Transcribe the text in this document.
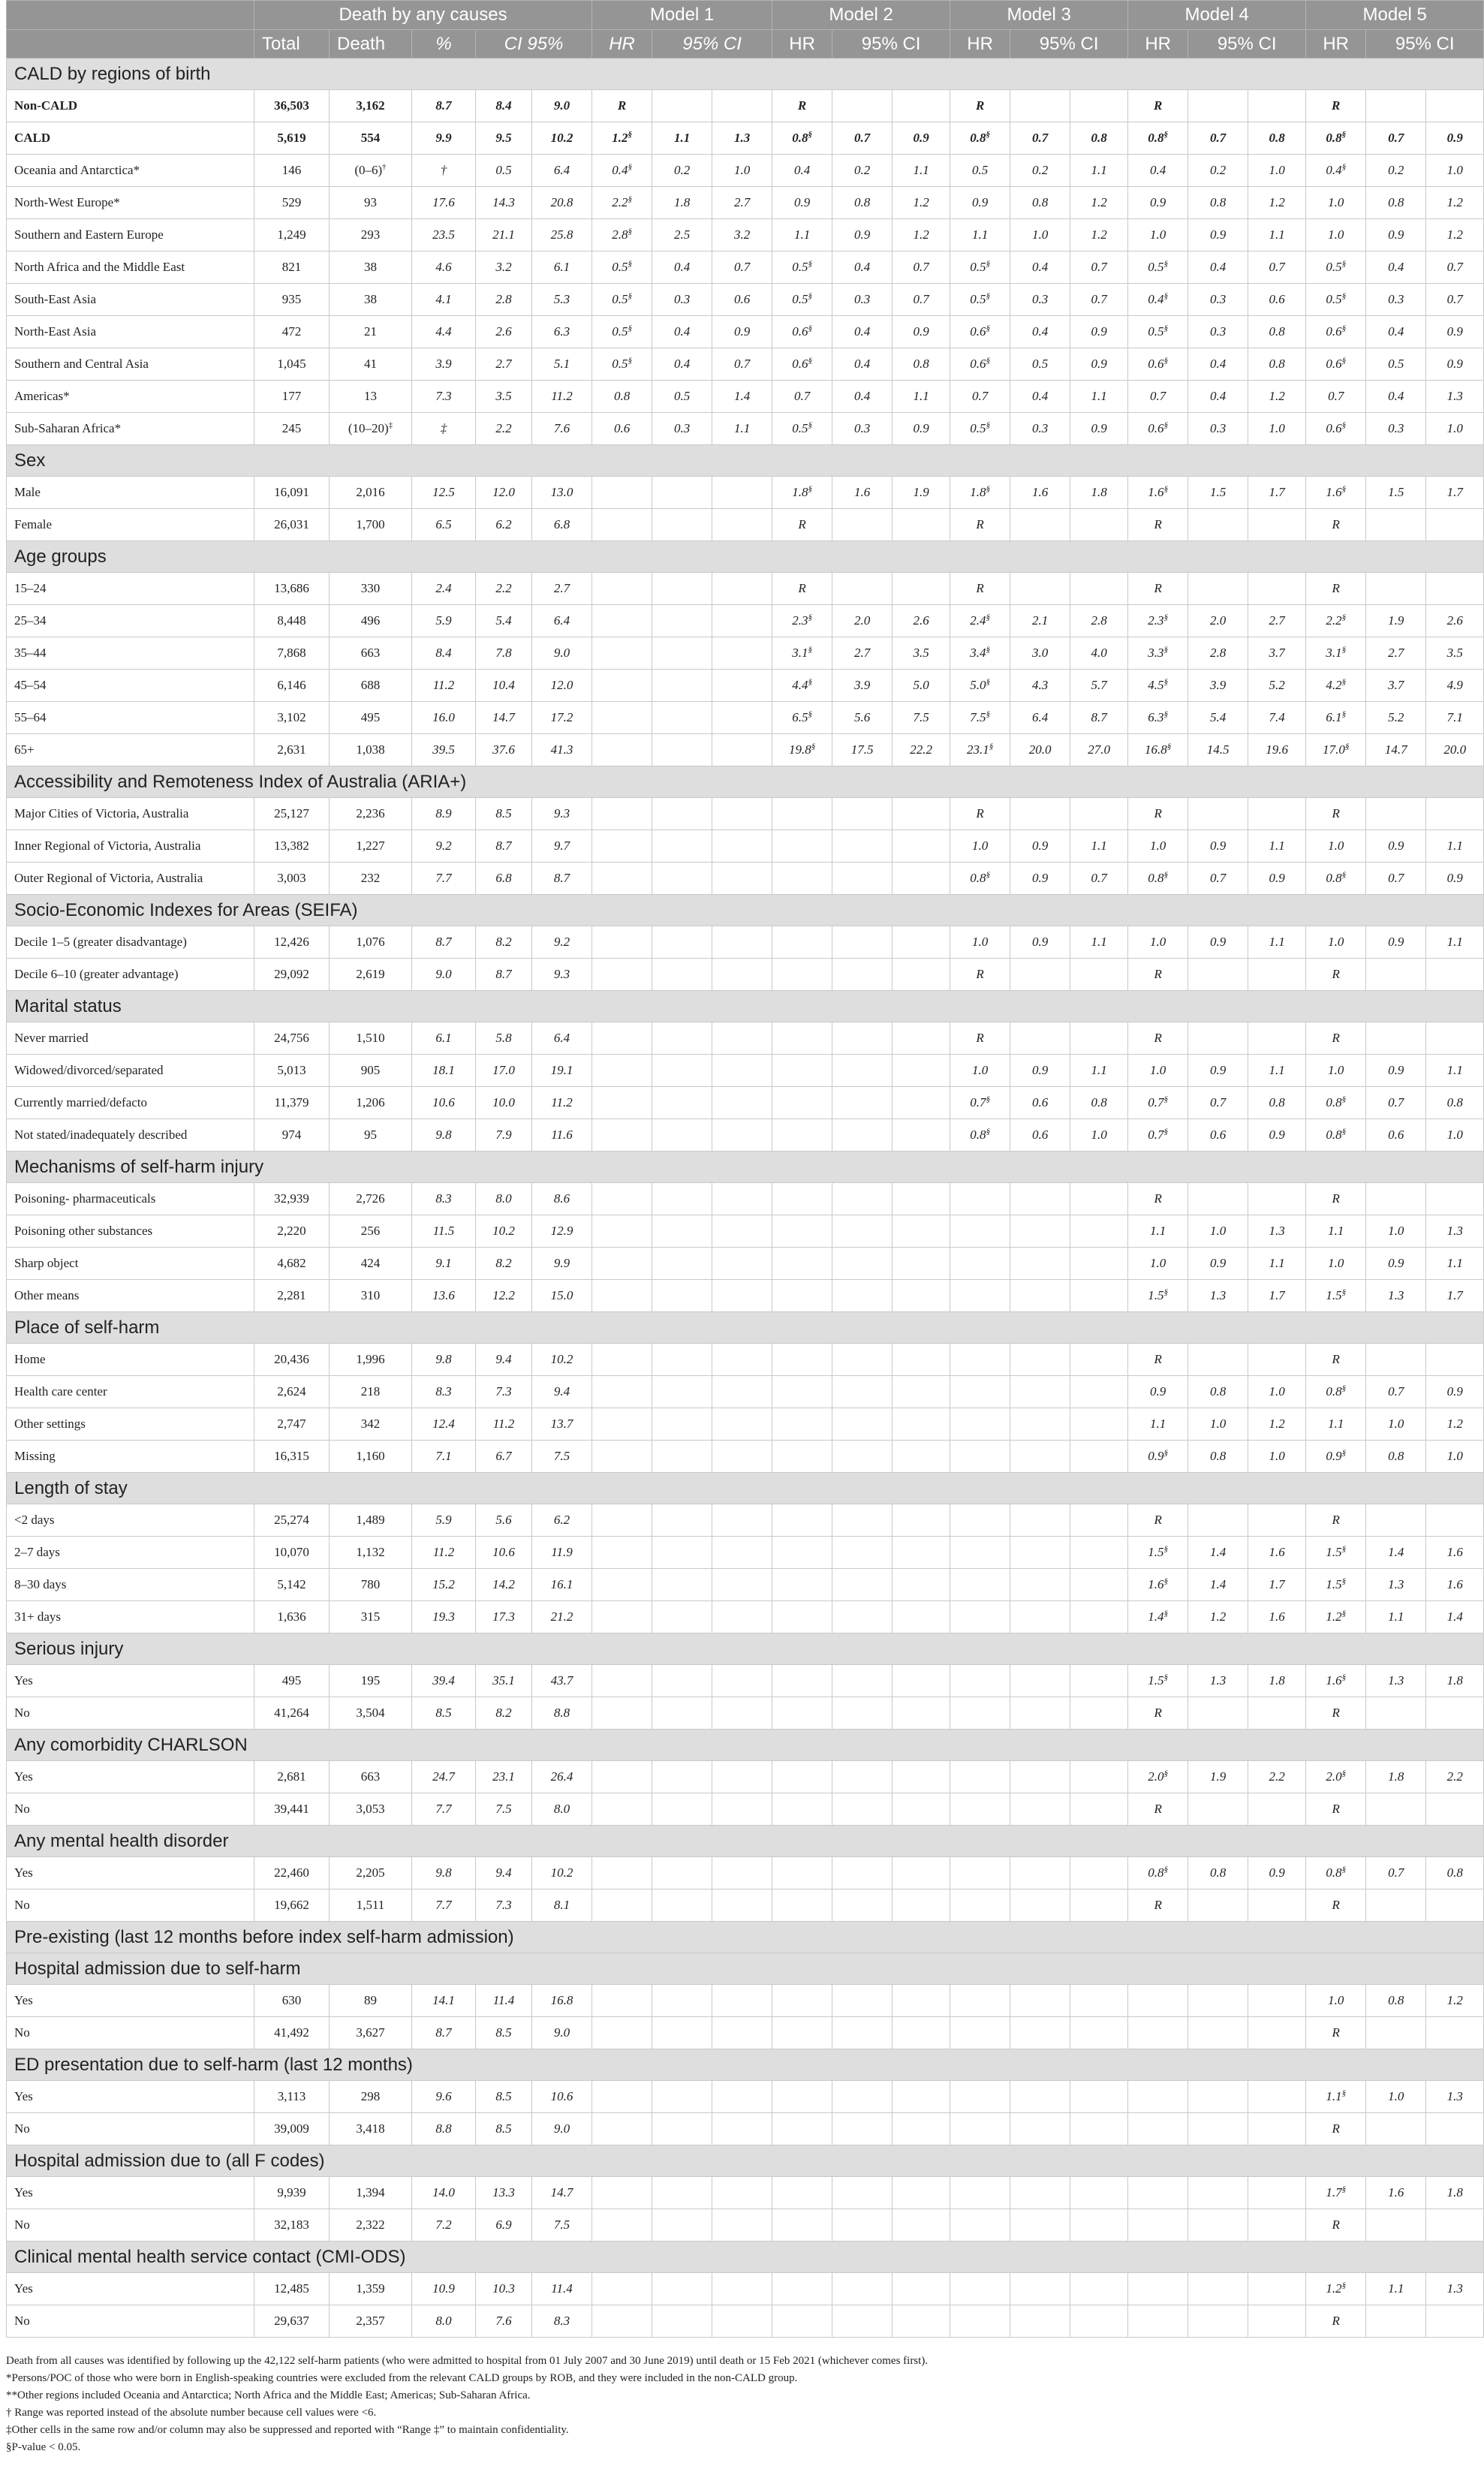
	Death by any causes					Model 1			Model 2			Model 3			Model 4			Model 5		
	Total	Death	%	CI 95%		HR	95% CI		HR	95% CI		HR	95% CI		HR	95% CI		HR	95% CI	
CALD by regions of birth																				
Non-CALD	36,503	3,162	8.7	8.4	9.0	R			R			R			R			R		
CALD	5,619	554	9.9	9.5	10.2	1.2§	1.1	1.3	0.8§	0.7	0.9	0.8§	0.7	0.8	0.8§	0.7	0.8	0.8§	0.7	0.9
Oceania and Antarctica*	146	(0–6)†	†	0.5	6.4	0.4§	0.2	1.0	0.4	0.2	1.1	0.5	0.2	1.1	0.4	0.2	1.0	0.4§	0.2	1.0
North-West Europe*	529	93	17.6	14.3	20.8	2.2§	1.8	2.7	0.9	0.8	1.2	0.9	0.8	1.2	0.9	0.8	1.2	1.0	0.8	1.2
Southern and Eastern Europe	1,249	293	23.5	21.1	25.8	2.8§	2.5	3.2	1.1	0.9	1.2	1.1	1.0	1.2	1.0	0.9	1.1	1.0	0.9	1.2
North Africa and the Middle East	821	38	4.6	3.2	6.1	0.5§	0.4	0.7	0.5§	0.4	0.7	0.5§	0.4	0.7	0.5§	0.4	0.7	0.5§	0.4	0.7
South-East Asia	935	38	4.1	2.8	5.3	0.5§	0.3	0.6	0.5§	0.3	0.7	0.5§	0.3	0.7	0.4§	0.3	0.6	0.5§	0.3	0.7
North-East Asia	472	21	4.4	2.6	6.3	0.5§	0.4	0.9	0.6§	0.4	0.9	0.6§	0.4	0.9	0.5§	0.3	0.8	0.6§	0.4	0.9
Southern and Central Asia	1,045	41	3.9	2.7	5.1	0.5§	0.4	0.7	0.6§	0.4	0.8	0.6§	0.5	0.9	0.6§	0.4	0.8	0.6§	0.5	0.9
Americas*	177	13	7.3	3.5	11.2	0.8	0.5	1.4	0.7	0.4	1.1	0.7	0.4	1.1	0.7	0.4	1.2	0.7	0.4	1.3
Sub-Saharan Africa*	245	(10–20)‡	‡	2.2	7.6	0.6	0.3	1.1	0.5§	0.3	0.9	0.5§	0.3	0.9	0.6§	0.3	1.0	0.6§	0.3	1.0
Sex																				
Male	16,091	2,016	12.5	12.0	13.0				1.8§	1.6	1.9	1.8§	1.6	1.8	1.6§	1.5	1.7	1.6§	1.5	1.7
Female	26,031	1,700	6.5	6.2	6.8				R			R			R			R		
Age groups																				
15–24	13,686	330	2.4	2.2	2.7				R			R			R			R		
25–34	8,448	496	5.9	5.4	6.4				2.3§	2.0	2.6	2.4§	2.1	2.8	2.3§	2.0	2.7	2.2§	1.9	2.6
35–44	7,868	663	8.4	7.8	9.0				3.1§	2.7	3.5	3.4§	3.0	4.0	3.3§	2.8	3.7	3.1§	2.7	3.5
45–54	6,146	688	11.2	10.4	12.0				4.4§	3.9	5.0	5.0§	4.3	5.7	4.5§	3.9	5.2	4.2§	3.7	4.9
55–64	3,102	495	16.0	14.7	17.2				6.5§	5.6	7.5	7.5§	6.4	8.7	6.3§	5.4	7.4	6.1§	5.2	7.1
65+	2,631	1,038	39.5	37.6	41.3				19.8§	17.5	22.2	23.1§	20.0	27.0	16.8§	14.5	19.6	17.0§	14.7	20.0
Accessibility and Remoteness Index of Australia (ARIA+)																				
Major Cities of Victoria, Australia	25,127	2,236	8.9	8.5	9.3							R			R			R		
Inner Regional of Victoria, Australia	13,382	1,227	9.2	8.7	9.7							1.0	0.9	1.1	1.0	0.9	1.1	1.0	0.9	1.1
Outer Regional of Victoria, Australia	3,003	232	7.7	6.8	8.7							0.8§	0.9	0.7	0.8§	0.7	0.9	0.8§	0.7	0.9
Socio-Economic Indexes for Areas (SEIFA)																				
Decile 1–5 (greater disadvantage)	12,426	1,076	8.7	8.2	9.2							1.0	0.9	1.1	1.0	0.9	1.1	1.0	0.9	1.1
Decile 6–10 (greater advantage)	29,092	2,619	9.0	8.7	9.3							R			R			R		
Marital status																				
Never married	24,756	1,510	6.1	5.8	6.4							R			R			R		
Widowed/divorced/separated	5,013	905	18.1	17.0	19.1							1.0	0.9	1.1	1.0	0.9	1.1	1.0	0.9	1.1
Currently married/defacto	11,379	1,206	10.6	10.0	11.2							0.7§	0.6	0.8	0.7§	0.7	0.8	0.8§	0.7	0.8
Not stated/inadequately described	974	95	9.8	7.9	11.6							0.8§	0.6	1.0	0.7§	0.6	0.9	0.8§	0.6	1.0
Mechanisms of self-harm injury																				
Poisoning- pharmaceuticals	32,939	2,726	8.3	8.0	8.6										R			R		
Poisoning other substances	2,220	256	11.5	10.2	12.9										1.1	1.0	1.3	1.1	1.0	1.3
Sharp object	4,682	424	9.1	8.2	9.9										1.0	0.9	1.1	1.0	0.9	1.1
Other means	2,281	310	13.6	12.2	15.0										1.5§	1.3	1.7	1.5§	1.3	1.7
Place of self-harm																				
Home	20,436	1,996	9.8	9.4	10.2										R			R		
Health care center	2,624	218	8.3	7.3	9.4										0.9	0.8	1.0	0.8§	0.7	0.9
Other settings	2,747	342	12.4	11.2	13.7										1.1	1.0	1.2	1.1	1.0	1.2
Missing	16,315	1,160	7.1	6.7	7.5										0.9§	0.8	1.0	0.9§	0.8	1.0
Length of stay																				
<2 days	25,274	1,489	5.9	5.6	6.2										R			R		
2–7 days	10,070	1,132	11.2	10.6	11.9										1.5§	1.4	1.6	1.5§	1.4	1.6
8–30 days	5,142	780	15.2	14.2	16.1										1.6§	1.4	1.7	1.5§	1.3	1.6
31+ days	1,636	315	19.3	17.3	21.2										1.4§	1.2	1.6	1.2§	1.1	1.4
Serious injury																				
Yes	495	195	39.4	35.1	43.7										1.5§	1.3	1.8	1.6§	1.3	1.8
No	41,264	3,504	8.5	8.2	8.8										R			R		
Any comorbidity CHARLSON																				
Yes	2,681	663	24.7	23.1	26.4										2.0§	1.9	2.2	2.0§	1.8	2.2
No	39,441	3,053	7.7	7.5	8.0										R			R		
Any mental health disorder																				
Yes	22,460	2,205	9.8	9.4	10.2										0.8§	0.8	0.9	0.8§	0.7	0.8
No	19,662	1,511	7.7	7.3	8.1										R			R		
Pre-existing (last 12 months before index self-harm admission)																				
Hospital admission due to self-harm																				
Yes	630	89	14.1	11.4	16.8													1.0	0.8	1.2
No	41,492	3,627	8.7	8.5	9.0													R		
ED presentation due to self-harm (last 12 months)																				
Yes	3,113	298	9.6	8.5	10.6													1.1§	1.0	1.3
No	39,009	3,418	8.8	8.5	9.0													R		
Hospital admission due to (all F codes)																				
Yes	9,939	1,394	14.0	13.3	14.7													1.7§	1.6	1.8
No	32,183	2,322	7.2	6.9	7.5													R		
Clinical mental health service contact (CMI-ODS)																				
Yes	12,485	1,359	10.9	10.3	11.4													1.2§	1.1	1.3
No	29,637	2,357	8.0	7.6	8.3													R		
Death from all causes was identified by following up the 42,122 self-harm patients (who were admitted to hospital from 01 July 2007 and 30 June 2019) until death or 15 Feb 2021 (whichever comes first).
*Persons/POC of those who were born in English-speaking countries were excluded from the relevant CALD groups by ROB, and they were included in the non-CALD group.
**Other regions included Oceania and Antarctica; North Africa and the Middle East; Americas; Sub-Saharan Africa.
† Range was reported instead of the absolute number because cell values were <6.
‡Other cells in the same row and/or column may also be suppressed and reported with “Range ‡” to maintain confidentiality.
§P-value < 0.05.
